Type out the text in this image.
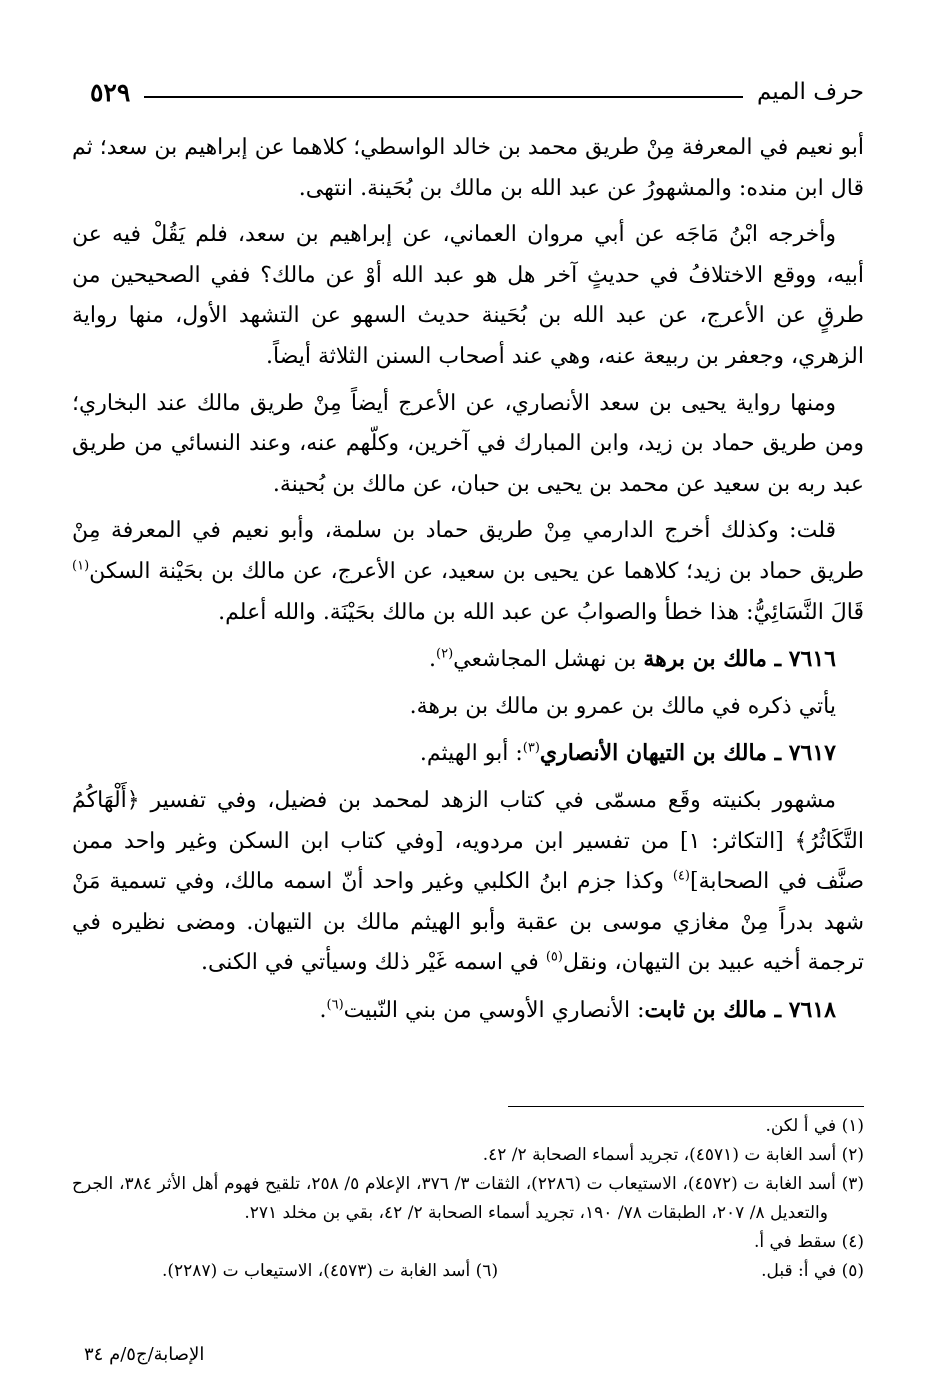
حرف الميم
٥٢٩

أبو نعيم في المعرفة مِنْ طريق محمد بن خالد الواسطي؛ كلاهما عن إبراهيم بن سعد؛ ثم قال ابن منده: والمشهورُ عن عبد الله بن مالك بن بُحَينة. انتهى.

وأخرجه ابْنُ مَاجَه عن أبي مروان العماني، عن إبراهيم بن سعد، فلم يَقُلْ فيه عن أبيه، ووقع الاختلافُ في حديثٍ آخر هل هو عبد الله أوْ عن مالك؟ ففي الصحيحين من طرقٍ عن الأعرج، عن عبد الله بن بُحَينة حديث السهو عن التشهد الأول، منها رواية الزهري، وجعفر بن ربيعة عنه، وهي عند أصحاب السنن الثلاثة أيضاً.

ومنها رواية يحيى بن سعد الأنصاري، عن الأعرج أيضاً مِنْ طريق مالك عند البخاري؛ ومن طريق حماد بن زيد، وابن المبارك في آخرين، وكلّهم عنه، وعند النسائي من طريق عبد ربه بن سعيد عن محمد بن يحيى بن حبان، عن مالك بن بُحينة.

قلت: وكذلك أخرج الدارمي مِنْ طريق حماد بن سلمة، وأبو نعيم في المعرفة مِنْ طريق حماد بن زيد؛ كلاهما عن يحيى بن سعيد، عن الأعرج، عن مالك بن بحَيْنة السكن$^{(١)}$ قَالَ النَّسَائِيُّ: هذا خطأ والصوابُ عن عبد الله بن مالك بحَيْنَة. والله أعلم.

٧٦١٦ ـ مالك بن برهة بن نهشل المجاشعي$^{(٢)}$.

يأتي ذكره في مالك بن عمرو بن مالك بن برهة.

٧٦١٧ ـ مالك بن التيهان الأنصاري$^{(٣)}$: أبو الهيثم.

مشهور بكنيته وقَع مسمّى في كتاب الزهد لمحمد بن فضيل، وفي تفسير ﴿أَلْهَاكُمُ التَّكَاثُرُ﴾ [التكاثر: ١] من تفسير ابن مردويه، [وفي كتاب ابن السكن وغير واحد ممن صنَّف في الصحابة]$^{(٤)}$ وكذا جزم ابنُ الكلبي وغير واحد أنّ اسمه مالك، وفي تسمية مَنْ شهد بدراً مِنْ مغازي موسى بن عقبة وأبو الهيثم مالك بن التيهان. ومضى نظيره في ترجمة أخيه عبيد بن التيهان، ونقل$^{(٥)}$ في اسمه غَيْر ذلك وسيأتي في الكنى.

٧٦١٨ ـ مالك بن ثابت: الأنصاري الأوسي من بني النّبيت$^{(٦)}$.

(١) في أ لكن.

(٢) أسد الغابة ت (٤٥٧١)، تجريد أسماء الصحابة ٢/ ٤٢.

(٣) أسد الغابة ت (٤٥٧٢)، الاستيعاب ت (٢٢٨٦)، الثقات ٣/ ٣٧٦، الإعلام ٥/ ٢٥٨، تلقيح فهوم أهل الأثر ٣٨٤، الجرح والتعديل ٨/ ٢٠٧، الطبقات ٧٨/ ١٩٠، تجريد أسماء الصحابة ٢/ ٤٢، بقي بن مخلد ٢٧١.

(٤) سقط في أ.

(٥) في أ: قبل.

(٦) أسد الغابة ت (٤٥٧٣)، الاستيعاب ت (٢٢٨٧).

الإصابة/ج٥/م ٣٤
